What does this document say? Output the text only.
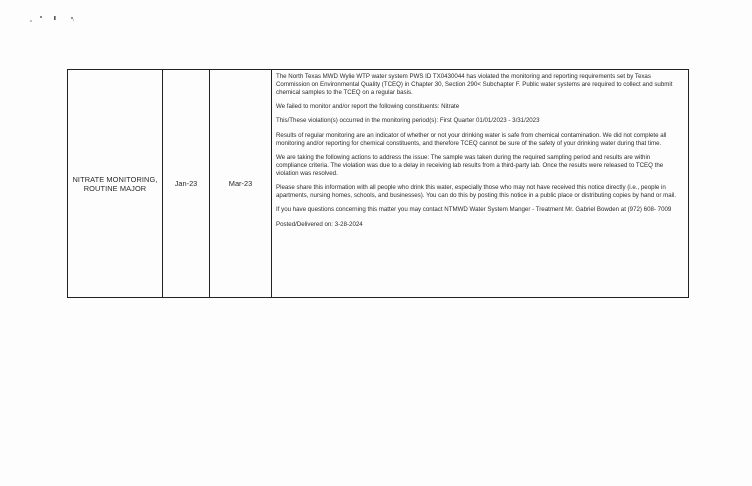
NITRATE MONITORING,
ROUTINE MAJOR	Jan-23	Mar-23	

The North Texas MWD Wylie WTP water system PWS ID TX0430044 has violated the monitoring and reporting requirements set by Texas Commission on Environmental Quality (TCEQ) in Chapter 30, Section 290< Subchapter F. Public water systems are required to collect and submit chemical samples to the TCEQ on a regular basis.

We failed to monitor and/or report the following constituents: Nitrate

This/These violation(s) occurred in the monitoring period(s): First Quarter 01/01/2023 - 3/31/2023

Results of regular monitoring are an indicator of whether or not your drinking water is safe from chemical contamination. We did not complete all monitoring and/or reporting for chemical constituents, and therefore TCEQ cannot be sure of the safety of your drinking water during that time.

We are taking the following actions to address the issue: The sample was taken during the required sampling period and results are within compliance criteria. The violation was due to a delay in receiving lab results from a third-party lab. Once the results were released to TCEQ the violation was resolved.

Please share this information with all people who drink this water, especially those who may not have received this notice directly (i.e., people in apartments, nursing homes, schools, and businesses). You can do this by posting this notice in a public place or distributing copies by hand or mail.

If you have questions concerning this matter you may contact NTMWD Water System Manger - Treatment Mr. Gabriel Bowden at (972) 608- 7009

Posted/Delivered on: 3-28-2024
